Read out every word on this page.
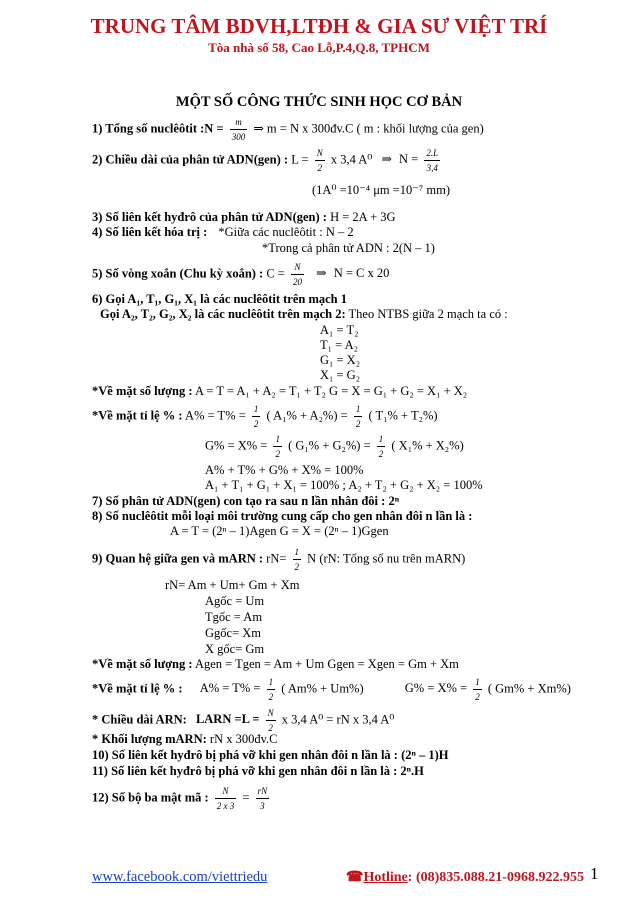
TRUNG TÂM BDVH,LTĐH & GIA SƯ VIỆT TRÍ
Tòa nhà số 58, Cao Lỗ,P.4,Q.8, TPHCM
MỘT SỐ CÔNG THỨC SINH HỌC CƠ BẢN
1) Tổng số nuclêôtit :N = $\frac{m}{300}$ ⇒ m = N x 300đv.C ( m : khối lượng của gen)
2) Chiều dài của phân tử ADN(gen) : $L = \frac{N}{2}$ x 3,4 A⁰ ⇒ $N = \frac{2.L}{3,4}$
(1A⁰ =10⁻⁴ μm =10⁻⁷ mm)
3) Số liên kết hyđrô của phân tử ADN(gen) : H = 2A + 3G
4) Số liên kết hóa trị : *Giữa các nuclêôtit : N – 2
*Trong cả phân tử ADN : 2(N – 1)
5) Số vòng xoắn (Chu kỳ xoắn) : $C = \frac{N}{20}$ ⇒ N = C x 20
6) Gọi A₁, T₁, G₁, X₁ là các nuclêôtit trên mạch 1
Gọi A₂, T₂, G₂, X₂ là các nuclêôtit trên mạch 2: Theo NTBS giữa 2 mạch ta có :
A₁ = T₂
T₁ = A₂
G₁ = X₂
X₁ = G₂
*Về mặt số lượng : A = T = A₁ + A₂ = T₁ + T₂ G = X = G₁ + G₂ = X₁ + X₂
*Về mặt tỉ lệ % : $A\% = T\% = \frac{1}{2}$ ( $A_1\% + A_2\%) = \frac{1}{2}$ ( T₁% + T₂%)
$G\% = X\% = \frac{1}{2}$ ( $G_1\% + G_2\%) = \frac{1}{2}$ ( X₁% + X₂%)
A% + T% + G% + X% = 100%
A₁ + T₁ + G₁ + X₁ = 100% ; A₂ + T₂ + G₂ + X₂ = 100%
7) Số phân tử ADN(gen) con tạo ra sau n lần nhân đôi : 2ⁿ
8) Số nuclêôtit mỗi loại môi trường cung cấp cho gen nhân đôi n lần là :
A = T = (2ⁿ – 1)Agen G = X = (2ⁿ – 1)Ggen
9) Quan hệ giữa gen và mARN : $rN= \frac{1}{2}$ N (rN: Tổng số nu trên mARN)
rN= Am + Um+ Gm + Xm
Agốc = Um
Tgốc = Am
Ggốc= Xm
X gốc= Gm
*Về mặt số lượng : Agen = Tgen = Am + Um Ggen = Xgen = Gm + Xm
*Về mặt tỉ lệ % : $A\% = T\% = \frac{1}{2}$ ( Am% + Um%)	$G\% = X\% = \frac{1}{2}$ ( Gm% + Xm%)
* Chiều dài ARN: LARN $=L = \frac{N}{2}$ x 3,4 A⁰ = rN x 3,4 A⁰
* Khối lượng mARN: rN x 300đv.C
10) Số liên kết hyđrô bị phá vỡ khi gen nhân đôi n lần là : (2ⁿ – 1)H
11) Số liên kết hyđrô bị phá vỡ khi gen nhân đôi n lần là : 2ⁿ.H
12) Số bộ ba mật mã : $\frac{N}{2 x 3} = \frac{rN}{3}$
www.facebook.com/viettriedu	☎Hotline: (08)835.088.21-0968.922.955 1
